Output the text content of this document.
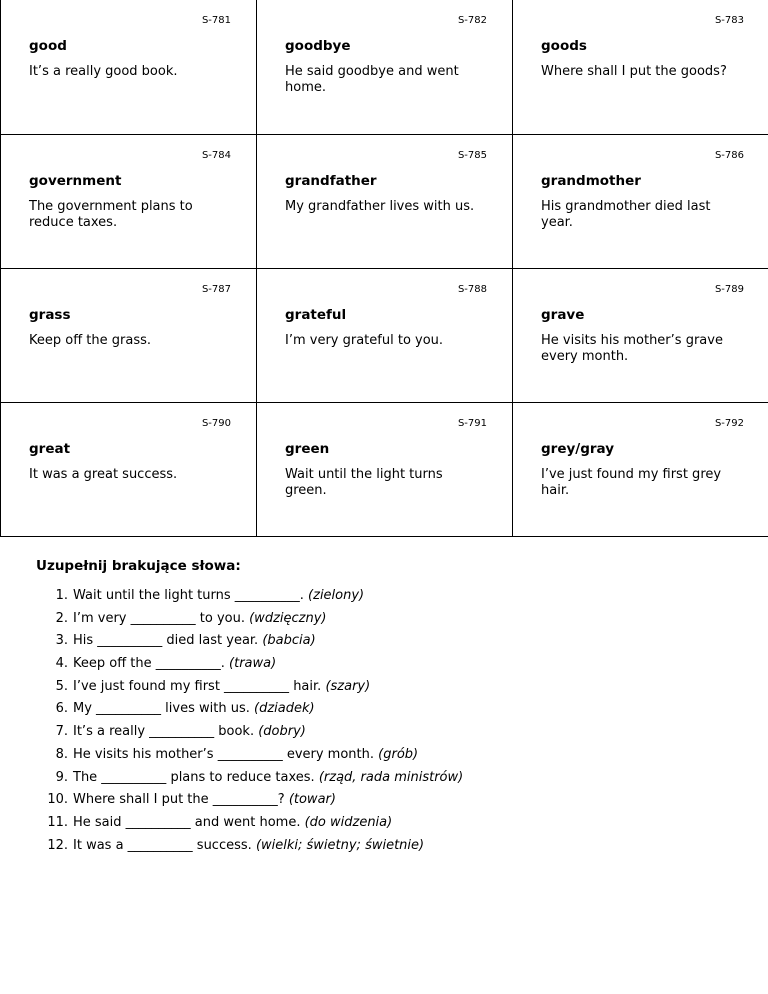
S-781
good
It’s a really good book.
S-782
goodbye
He said goodbye and went home.
S-783
goods
Where shall I put the goods?
S-784
government
The government plans to reduce taxes.
S-785
grandfather
My grandfather lives with us.
S-786
grandmother
His grandmother died last year.
S-787
grass
Keep off the grass.
S-788
grateful
I’m very grateful to you.
S-789
grave
He visits his mother’s grave every month.
S-790
great
It was a great success.
S-791
green
Wait until the light turns green.
S-792
grey/gray
I’ve just found my first grey hair.
Uzupełnij brakujące słowa:
1. Wait until the light turns __________. (zielony)
2. I’m very __________ to you. (wdzięczny)
3. His __________ died last year. (babcia)
4. Keep off the __________. (trawa)
5. I’ve just found my first __________ hair. (szary)
6. My __________ lives with us. (dziadek)
7. It’s a really __________ book. (dobry)
8. He visits his mother’s __________ every month. (grób)
9. The __________ plans to reduce taxes. (rząd, rada ministrów)
10. Where shall I put the __________? (towar)
11. He said __________ and went home. (do widzenia)
12. It was a __________ success. (wielki; świetny; świetnie)
